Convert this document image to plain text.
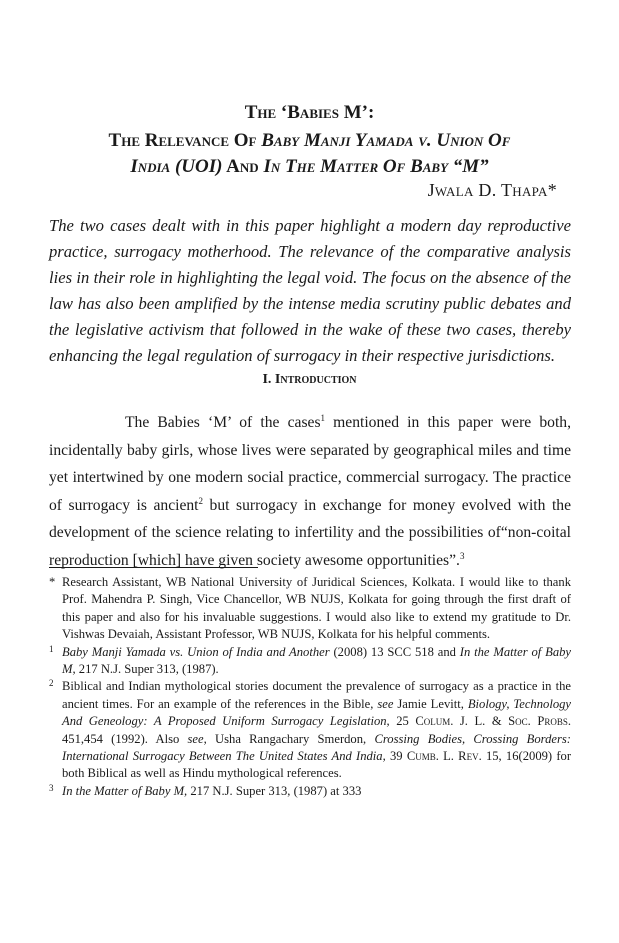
The ‘Babies M’:
The Relevance Of Baby Manji Yamada v. Union Of
India (UOI) And In The Matter Of Baby “M”
Jwala D. Thapa*

The two cases dealt with in this paper highlight a modern day reproductive practice, surrogacy motherhood. The relevance of the comparative analysis lies in their role in highlighting the legal void. The focus on the absence of the law has also been amplified by the intense media scrutiny public debates and the legislative activism that followed in the wake of these two cases, thereby enhancing the legal regulation of surrogacy in their respective jurisdictions.

I. Introduction

The Babies ‘M’ of the cases$^1$ mentioned in this paper were both, incidentally baby girls, whose lives were separated by geographical miles and time yet intertwined by one modern social practice, commercial surrogacy. The practice of surrogacy is ancient$^2$ but surrogacy in exchange for money evolved with the development of the science relating to infertility and the possibilities of“non-coital reproduction [which] have given society awesome opportunities”.$^3$

* Research Assistant, WB National University of Juridical Sciences, Kolkata. I would like to thank Prof. Mahendra P. Singh, Vice Chancellor, WB NUJS, Kolkata for going through the first draft of this paper and also for his invaluable suggestions. I would also like to extend my gratitude to Dr. Vishwas Devaiah, Assistant Professor, WB NUJS, Kolkata for his helpful comments.

1 Baby Manji Yamada vs. Union of India and Another (2008) 13 SCC 518 and In the Matter of Baby M, 217 N.J. Super 313, (1987).

2 Biblical and Indian mythological stories document the prevalence of surrogacy as a practice in the ancient times. For an example of the references in the Bible, see Jamie Levitt, Biology, Technology And Geneology: A Proposed Uniform Surrogacy Legislation, 25 Colum. J. L. & Soc. Probs. 451,454 (1992). Also see, Usha Rangachary Smerdon, Crossing Bodies, Crossing Borders: International Surrogacy Between The United States And India, 39 Cumb. L. Rev. 15, 16(2009) for both Biblical as well as Hindu mythological references.

3 In the Matter of Baby M, 217 N.J. Super 313, (1987) at 333
